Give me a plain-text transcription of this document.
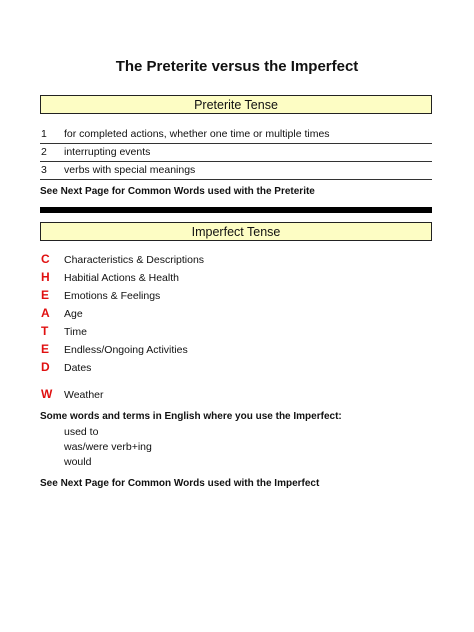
The Preterite versus the Imperfect
Preterite Tense
1 for completed actions, whether one time or multiple times
2 interrupting events
3 verbs with special meanings
See Next Page for Common Words used with the Preterite
Imperfect Tense
C Characteristics & Descriptions
H Habitial Actions & Health
E Emotions & Feelings
A Age
T Time
E Endless/Ongoing Activities
D Dates
W Weather
Some words and terms in English where you use the Imperfect:
used to
was/were verb+ing
would
See Next Page for Common Words used with the Imperfect
